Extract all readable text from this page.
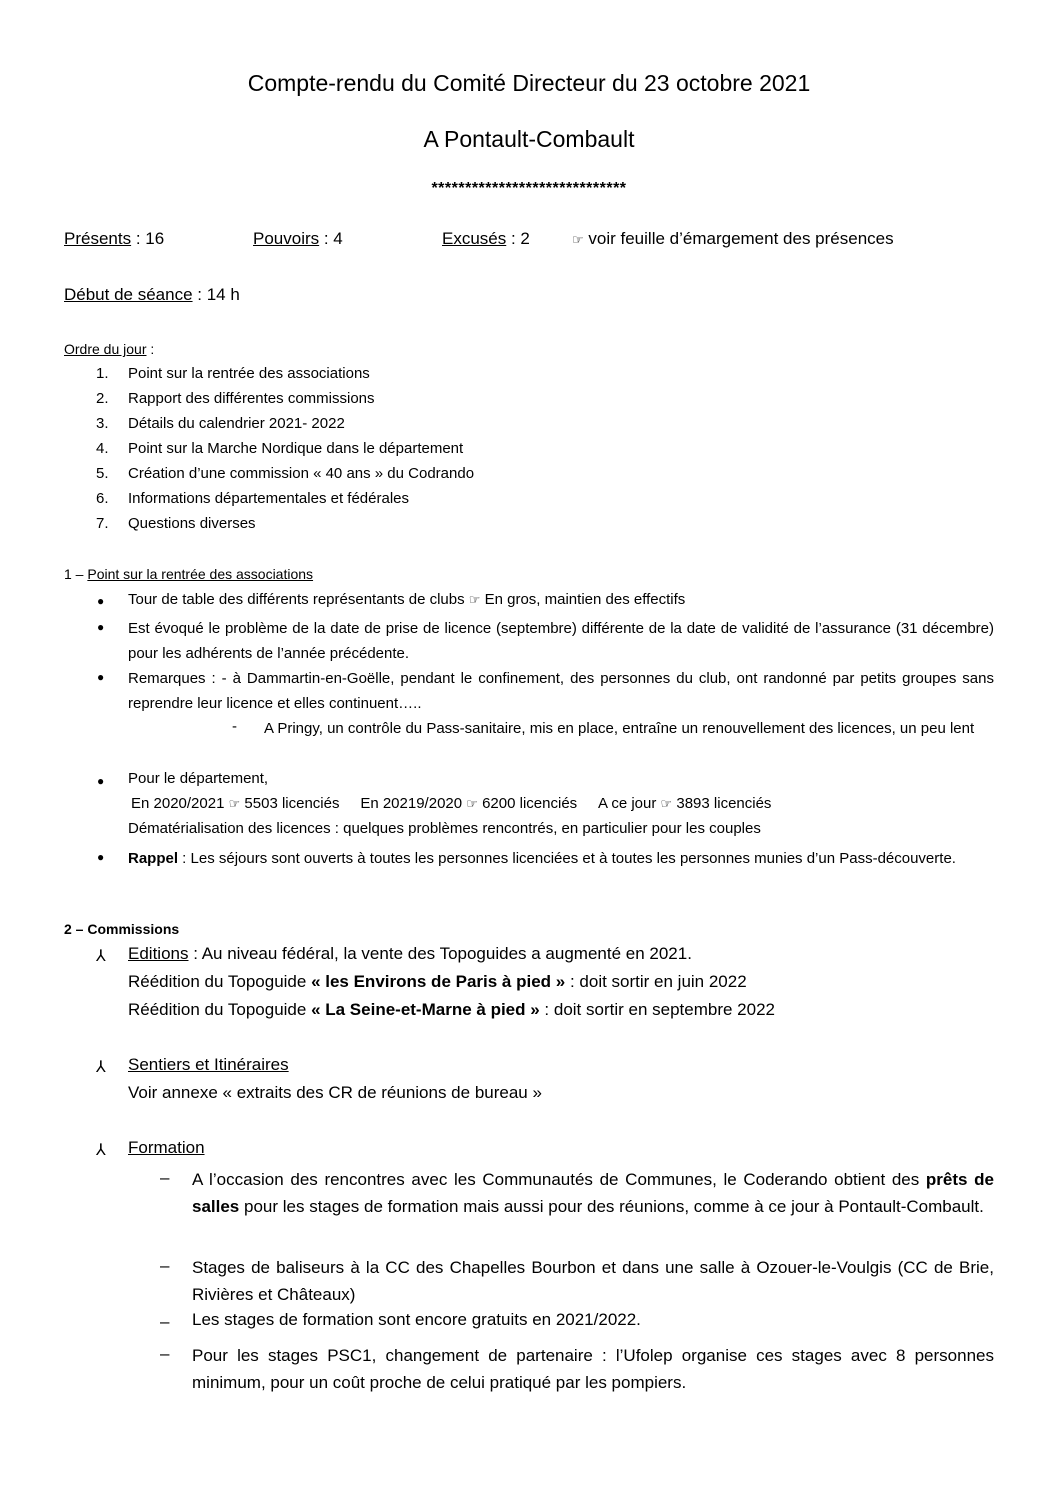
Compte-rendu du Comité Directeur du 23 octobre 2021
A Pontault-Combault
*****************************
Présents : 16	Pouvoirs : 4	Excusés : 2	☞ voir feuille d’émargement des présences
Début de séance : 14 h
Ordre du jour :
1. Point sur la rentrée des associations
2. Rapport des différentes commissions
3. Détails du calendrier 2021- 2022
4. Point sur la Marche Nordique dans le département
5. Création d’une commission « 40 ans » du Codrando
6. Informations départementales et fédérales
7. Questions diverses
1 – Point sur la rentrée des associations
● Tour de table des différents représentants de clubs ☞ En gros, maintien des effectifs
● Est évoqué le problème de la date de prise de licence (septembre) différente de la date de validité de l’assurance (31 décembre) pour les adhérents de l’année précédente.
● Remarques : - à Dammartin-en-Goëlle, pendant le confinement, des personnes du club, ont randonné par petits groupes sans reprendre leur licence et elles continuent…..
- A Pringy, un contrôle du Pass-sanitaire, mis en place, entraîne un renouvellement des licences, un peu lent
● Pour le département,
En 2020/2021 ☞ 5503 licenciés En 20219/2020 ☞ 6200 licenciés A ce jour ☞ 3893 licenciés
Dématérialisation des licences : quelques problèmes rencontrés, en particulier pour les couples
● Rappel : Les séjours sont ouverts à toutes les personnes licenciées et à toutes les personnes munies d’un Pass-découverte.
2 – Commissions
⅄ Editions : Au niveau fédéral, la vente des Topoguides a augmenté en 2021.
Réédition du Topoguide « les Environs de Paris à pied » : doit sortir en juin 2022
Réédition du Topoguide « La Seine-et-Marne à pied » : doit sortir en septembre 2022
⅄ Sentiers et Itinéraires
Voir annexe « extraits des CR de réunions de bureau »
⅄ Formation
– A l’occasion des rencontres avec les Communautés de Communes, le Coderando obtient des prêts de salles pour les stages de formation mais aussi pour des réunions, comme à ce jour à Pontault-Combault.
– Stages de baliseurs à la CC des Chapelles Bourbon et dans une salle à Ozouer-le-Voulgis (CC de Brie, Rivières et Châteaux)
– Les stages de formation sont encore gratuits en 2021/2022.
– Pour les stages PSC1, changement de partenaire : l’Ufolep organise ces stages avec 8 personnes minimum, pour un coût proche de celui pratiqué par les pompiers.
